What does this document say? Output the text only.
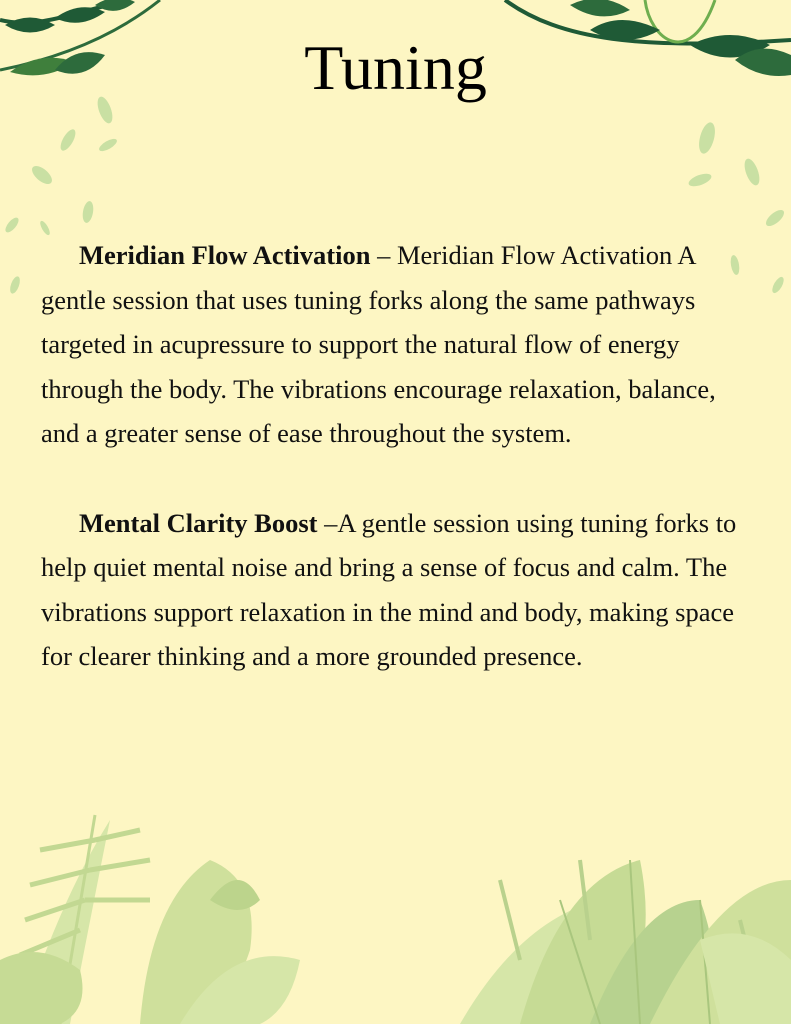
Tuning

Meridian Flow Activation – Meridian Flow Activation A gentle session that uses tuning forks along the same pathways targeted in acupressure to support the natural flow of energy through the body. The vibrations encourage relaxation, balance, and a greater sense of ease throughout the system.

Mental Clarity Boost –A gentle session using tuning forks to help quiet mental noise and bring a sense of focus and calm. The vibrations support relaxation in the mind and body, making space for clearer thinking and a more grounded presence.
